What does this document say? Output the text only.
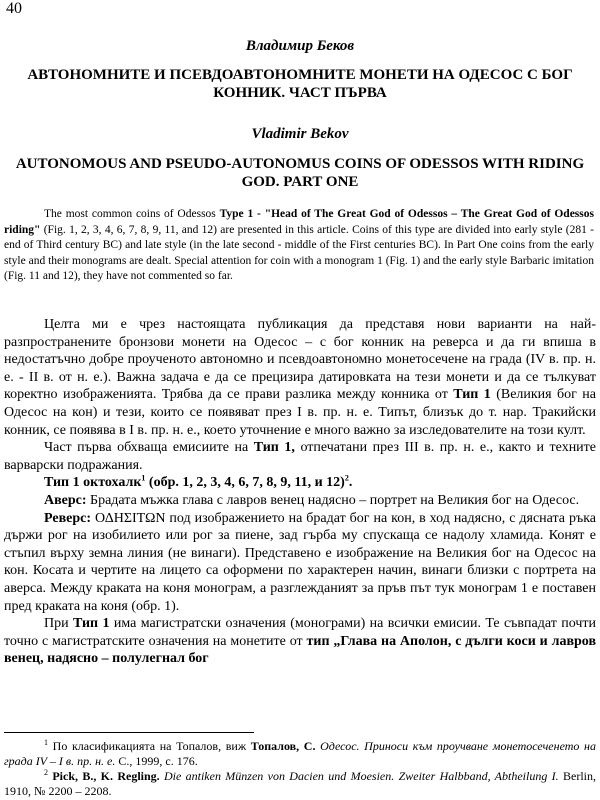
40
Владимир Беков
АВТОНОМНИТЕ И ПСЕВДОАВТОНОМНИТЕ МОНЕТИ НА ОДЕСОС С БОГ КОННИК. ЧАСТ ПЪРВА
Vladimir Bekov
AUTONOMOUS AND PSEUDO-AUTONOMUS COINS OF ODESSOS WITH RIDING GOD. PART ONE

The most common coins of Odessos Type 1 - "Head of The Great God of Odessos – The Great God of Odessos riding" (Fig. 1, 2, 3, 4, 6, 7, 8, 9, 11, and 12) are presented in this article. Coins of this type are divided into early style (281 - end of Third century BC) and late style (in the late second - middle of the First centuries BC). In Part One coins from the early style and their monograms are dealt. Special attention for coin with a monogram 1 (Fig. 1) and the early style Barbaric imitation (Fig. 11 and 12), they have not commented so far.

Целта ми е чрез настоящата публикация да представя нови варианти на най-разпространените бронзови монети на Одесос – с бог конник на реверса и да ги впиша в недостатъчно добре проученото автономно и псевдоавтономно монетосечене на града (IV в. пр. н. е. - II в. от н. е.). Важна задача е да се прецизира датировката на тези монети и да се тълкуват коректно изображенията. Трябва да се прави разлика между конника от Тип 1 (Великия бог на Одесос на кон) и тези, които се появяват през I в. пр. н. е. Типът, близък до т. нар. Тракийски конник, се появява в I в. пр. н. е., което уточнение е много важно за изследователите на този култ.

Част първа обхваща емисиите на Тип 1, отпечатани през III в. пр. н. е., както и техните варварски подражания.

Тип 1 октохалк$^1$ (обр. 1, 2, 3, 4, 6, 7, 8, 9, 11, и 12)$^2$.

Аверс: Брадата мъжка глава с лавров венец надясно – портрет на Великия бог на Одесос.

Реверс: ΟΔΗΣΙΤΩΝ под изображението на брадат бог на кон, в ход надясно, с дясната ръка държи рог на изобилието или рог за пиене, зад гърба му спускаща се надолу хламида. Конят е стъпил върху земна линия (не винаги). Представено е изображение на Великия бог на Одесос на кон. Косата и чертите на лицето са оформени по характерен начин, винаги близки с портрета на аверса. Между краката на коня монограм, а разглежданият за пръв път тук монограм 1 е поставен пред краката на коня (обр. 1).

При Тип 1 има магистратски означения (монограми) на всички емисии. Те съвпадат почти точно с магистратските означения на монетите от тип „Глава на Аполон, с дълги коси и лавров венец, надясно – полулегнал бог

$^1$ По класификацията на Топалов, виж Топалов, С. Одесос. Приноси към проучване монетосеченето на града IV – I в. пр. н. е. С., 1999, с. 176.

$^2$ Pick, B., K. Regling. Die antiken Münzen von Dacien und Moesien. Zweiter Halbband, Abtheilung I. Berlin, 1910, № 2200 – 2208.
